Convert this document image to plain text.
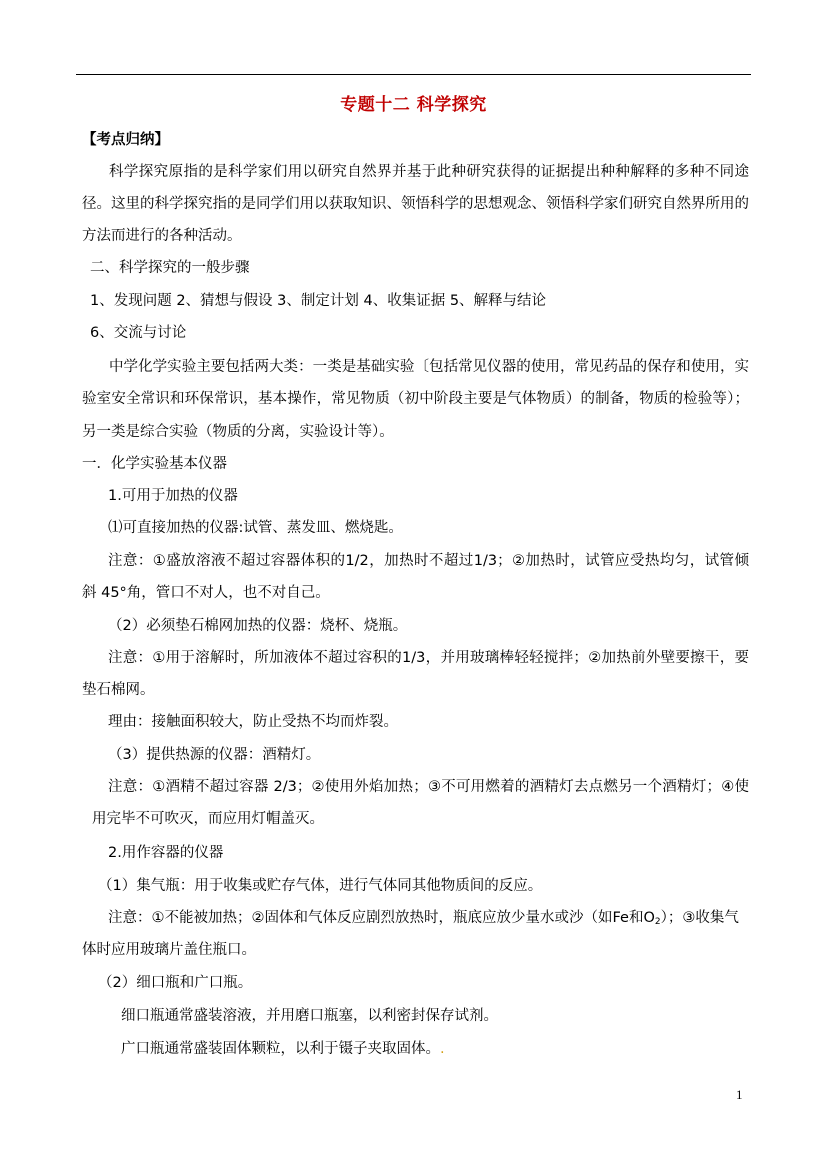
专题十二 科学探究
【考点归纳】
科学探究原指的是科学家们用以研究自然界并基于此种研究获得的证据提出种种解释的多种不同途
径。这里的科学探究指的是同学们用以获取知识、领悟科学的思想观念、领悟科学家们研究自然界所用的
方法而进行的各种活动。
二、科学探究的一般步骤
1、发现问题 2、猜想与假设 3、制定计划 4、收集证据 5、解释与结论
6、交流与讨论
中学化学实验主要包括两大类：一类是基础实验〔包括常见仪器的使用，常见药品的保存和使用，实
验室安全常识和环保常识，基本操作，常见物质（初中阶段主要是气体物质）的制备，物质的检验等）；
另一类是综合实验（物质的分离，实验设计等）。
一．化学实验基本仪器
1.可用于加热的仪器
⑴可直接加热的仪器:试管、蒸发皿、燃烧匙。
注意：①盛放溶液不超过容器体积的1/2，加热时不超过1/3；②加热时，试管应受热均匀，试管倾
斜 45°角，管口不对人，也不对自己。
（2）必须垫石棉网加热的仪器：烧杯、烧瓶。
注意：①用于溶解时，所加液体不超过容积的1/3，并用玻璃棒轻轻搅拌；②加热前外壁要擦干，要
垫石棉网。
理由：接触面积较大，防止受热不均而炸裂。
（3）提供热源的仪器：酒精灯。
注意：①酒精不超过容器 2/3；②使用外焰加热；③不可用燃着的酒精灯去点燃另一个酒精灯；④使
用完毕不可吹灭，而应用灯帽盖灭。
2.用作容器的仪器
（1）集气瓶：用于收集或贮存气体，进行气体同其他物质间的反应。
注意：①不能被加热；②固体和气体反应剧烈放热时，瓶底应放少量水或沙（如Fe和$O_2$）；③收集气
体时应用玻璃片盖住瓶口。
（2）细口瓶和广口瓶。
细口瓶通常盛装溶液，并用磨口瓶塞，以利密封保存试剂。
广口瓶通常盛装固体颗粒，以利于镊子夹取固体。.
1
